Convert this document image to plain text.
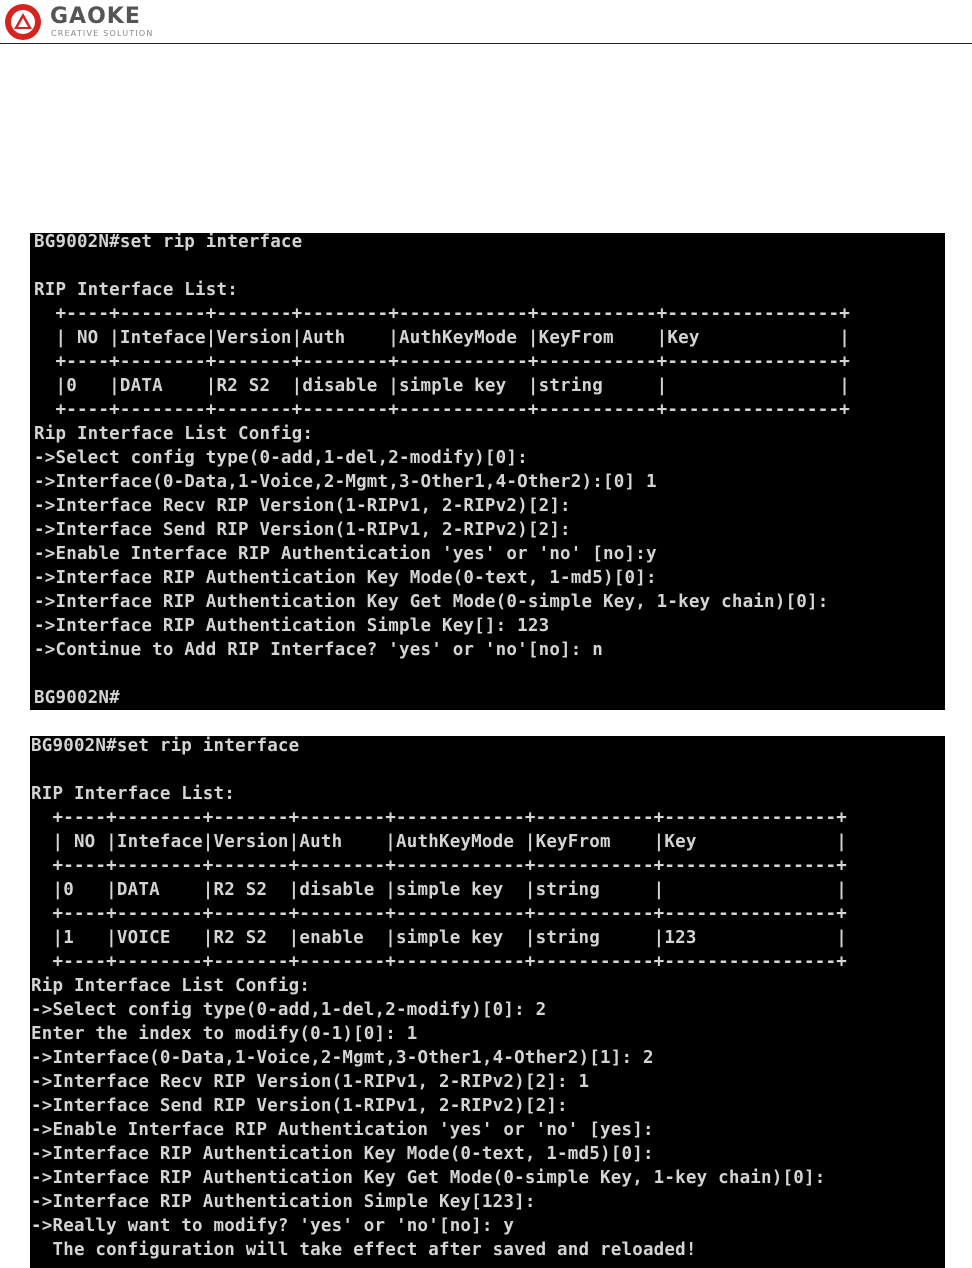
GAOKE
CREATIVE SOLUTION
BG9002N#set rip interface
RIP Interface List:
+----+--------+-------+--------+------------+-----------+----------------+
| NO |Inteface|Version|Auth    |AuthKeyMode |KeyFrom    |Key             |
+----+--------+-------+--------+------------+-----------+----------------+
|0   |DATA    |R2 S2  |disable |simple key  |string     |                |
+----+--------+-------+--------+------------+-----------+----------------+
Rip Interface List Config:
->Select config type(0-add,1-del,2-modify)[0]:
->Interface(0-Data,1-Voice,2-Mgmt,3-Other1,4-Other2):[0] 1
->Interface Recv RIP Version(1-RIPv1, 2-RIPv2)[2]:
->Interface Send RIP Version(1-RIPv1, 2-RIPv2)[2]:
->Enable Interface RIP Authentication 'yes' or 'no' [no]:y
->Interface RIP Authentication Key Mode(0-text, 1-md5)[0]:
->Interface RIP Authentication Key Get Mode(0-simple Key, 1-key chain)[0]:
->Interface RIP Authentication Simple Key[]: 123
->Continue to Add RIP Interface? 'yes' or 'no'[no]: n
BG9002N#
BG9002N#set rip interface
RIP Interface List:
+----+--------+-------+--------+------------+-----------+----------------+
| NO |Inteface|Version|Auth    |AuthKeyMode |KeyFrom    |Key             |
+----+--------+-------+--------+------------+-----------+----------------+
|0   |DATA    |R2 S2  |disable |simple key  |string     |                |
+----+--------+-------+--------+------------+-----------+----------------+
|1   |VOICE   |R2 S2  |enable  |simple key  |string     |123             |
+----+--------+-------+--------+------------+-----------+----------------+
Rip Interface List Config:
->Select config type(0-add,1-del,2-modify)[0]: 2
Enter the index to modify(0-1)[0]: 1
->Interface(0-Data,1-Voice,2-Mgmt,3-Other1,4-Other2)[1]: 2
->Interface Recv RIP Version(1-RIPv1, 2-RIPv2)[2]: 1
->Interface Send RIP Version(1-RIPv1, 2-RIPv2)[2]:
->Enable Interface RIP Authentication 'yes' or 'no' [yes]:
->Interface RIP Authentication Key Mode(0-text, 1-md5)[0]:
->Interface RIP Authentication Key Get Mode(0-simple Key, 1-key chain)[0]:
->Interface RIP Authentication Simple Key[123]:
->Really want to modify? 'yes' or 'no'[no]: y
The configuration will take effect after saved and reloaded!
